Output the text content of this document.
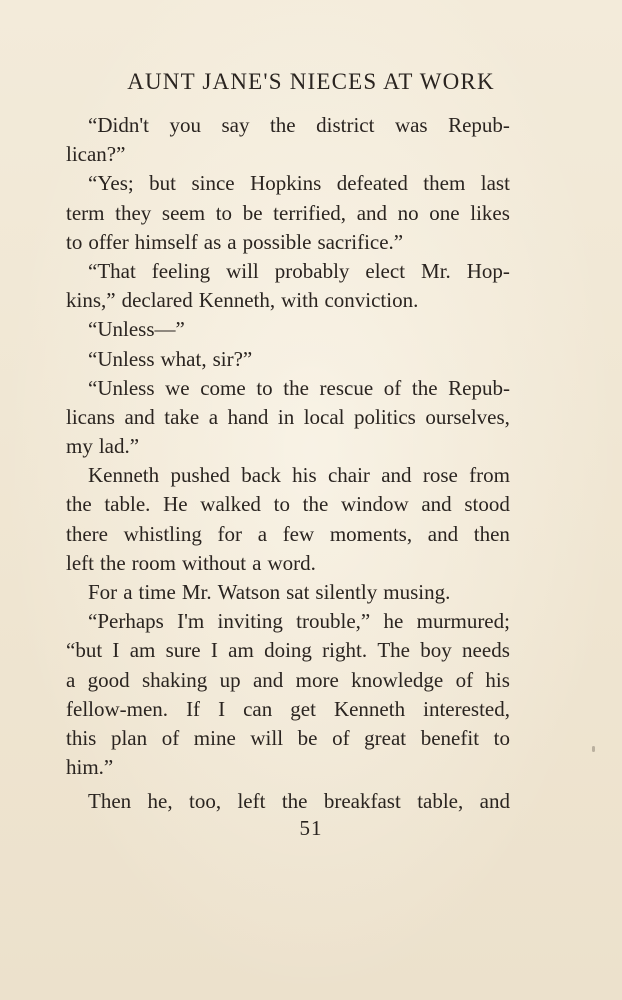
AUNT JANE'S NIECES AT WORK
“Didn't you say the district was Repub-
lican?”
“Yes; but since Hopkins defeated them last
term they seem to be terrified, and no one likes
to offer himself as a possible sacrifice.”
“That feeling will probably elect Mr. Hop-
kins,” declared Kenneth, with conviction.
“Unless—”
“Unless what, sir?”
“Unless we come to the rescue of the Repub-
licans and take a hand in local politics ourselves,
my lad.”
Kenneth pushed back his chair and rose from
the table. He walked to the window and stood
there whistling for a few moments, and then
left the room without a word.
For a time Mr. Watson sat silently musing.
“Perhaps I'm inviting trouble,” he murmured;
“but I am sure I am doing right. The boy needs
a good shaking up and more knowledge of his
fellow-men. If I can get Kenneth interested,
this plan of mine will be of great benefit to
him.”
Then he, too, left the breakfast table, and
51
